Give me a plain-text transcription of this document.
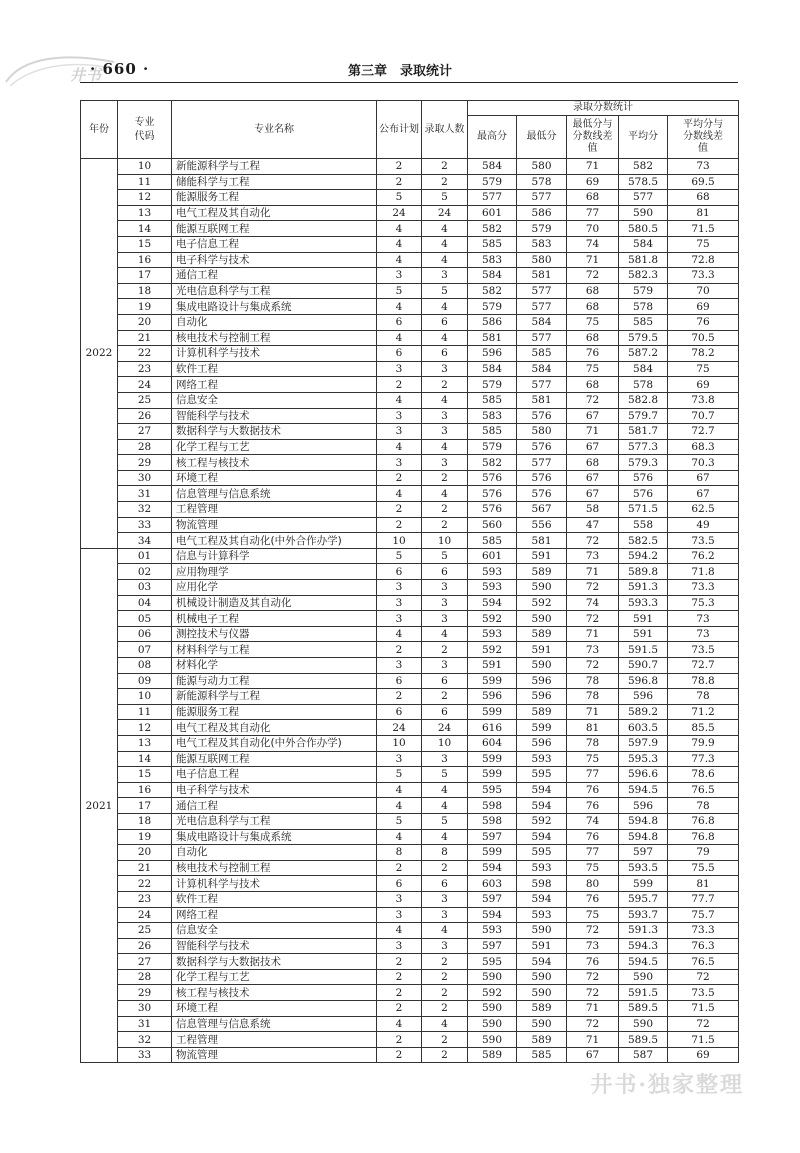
井书
· 660 ·	第三章　录取统计
年份	专业代码	专业名称	公布计划	录取人数	录取分数统计				
					最高分	最低分	最低分与分数线差值	平均分	平均分与分数线差值
2022	10	新能源科学与工程	2	2	584	580	71	582	73
	11	储能科学与工程	2	2	579	578	69	578.5	69.5
	12	能源服务工程	5	5	577	577	68	577	68
	13	电气工程及其自动化	24	24	601	586	77	590	81
	14	能源互联网工程	4	4	582	579	70	580.5	71.5
	15	电子信息工程	4	4	585	583	74	584	75
	16	电子科学与技术	4	4	583	580	71	581.8	72.8
	17	通信工程	3	3	584	581	72	582.3	73.3
	18	光电信息科学与工程	5	5	582	577	68	579	70
	19	集成电路设计与集成系统	4	4	579	577	68	578	69
	20	自动化	6	6	586	584	75	585	76
	21	核电技术与控制工程	4	4	581	577	68	579.5	70.5
	22	计算机科学与技术	6	6	596	585	76	587.2	78.2
	23	软件工程	3	3	584	584	75	584	75
	24	网络工程	2	2	579	577	68	578	69
	25	信息安全	4	4	585	581	72	582.8	73.8
	26	智能科学与技术	3	3	583	576	67	579.7	70.7
	27	数据科学与大数据技术	3	3	585	580	71	581.7	72.7
	28	化学工程与工艺	4	4	579	576	67	577.3	68.3
	29	核工程与核技术	3	3	582	577	68	579.3	70.3
	30	环境工程	2	2	576	576	67	576	67
	31	信息管理与信息系统	4	4	576	576	67	576	67
	32	工程管理	2	2	576	567	58	571.5	62.5
	33	物流管理	2	2	560	556	47	558	49
	34	电气工程及其自动化(中外合作办学)	10	10	585	581	72	582.5	73.5
2021	01	信息与计算科学	5	5	601	591	73	594.2	76.2
	02	应用物理学	6	6	593	589	71	589.8	71.8
	03	应用化学	3	3	593	590	72	591.3	73.3
	04	机械设计制造及其自动化	3	3	594	592	74	593.3	75.3
	05	机械电子工程	3	3	592	590	72	591	73
	06	测控技术与仪器	4	4	593	589	71	591	73
	07	材料科学与工程	2	2	592	591	73	591.5	73.5
	08	材料化学	3	3	591	590	72	590.7	72.7
	09	能源与动力工程	6	6	599	596	78	596.8	78.8
	10	新能源科学与工程	2	2	596	596	78	596	78
	11	能源服务工程	6	6	599	589	71	589.2	71.2
	12	电气工程及其自动化	24	24	616	599	81	603.5	85.5
	13	电气工程及其自动化(中外合作办学)	10	10	604	596	78	597.9	79.9
	14	能源互联网工程	3	3	599	593	75	595.3	77.3
	15	电子信息工程	5	5	599	595	77	596.6	78.6
	16	电子科学与技术	4	4	595	594	76	594.5	76.5
	17	通信工程	4	4	598	594	76	596	78
	18	光电信息科学与工程	5	5	598	592	74	594.8	76.8
	19	集成电路设计与集成系统	4	4	597	594	76	594.8	76.8
	20	自动化	8	8	599	595	77	597	79
	21	核电技术与控制工程	2	2	594	593	75	593.5	75.5
	22	计算机科学与技术	6	6	603	598	80	599	81
	23	软件工程	3	3	597	594	76	595.7	77.7
	24	网络工程	3	3	594	593	75	593.7	75.7
	25	信息安全	4	4	593	590	72	591.3	73.3
	26	智能科学与技术	3	3	597	591	73	594.3	76.3
	27	数据科学与大数据技术	2	2	595	594	76	594.5	76.5
	28	化学工程与工艺	2	2	590	590	72	590	72
	29	核工程与核技术	2	2	592	590	72	591.5	73.5
	30	环境工程	2	2	590	589	71	589.5	71.5
	31	信息管理与信息系统	4	4	590	590	72	590	72
	32	工程管理	2	2	590	589	71	589.5	71.5
	33	物流管理	2	2	589	585	67	587	69
井书·独家整理
